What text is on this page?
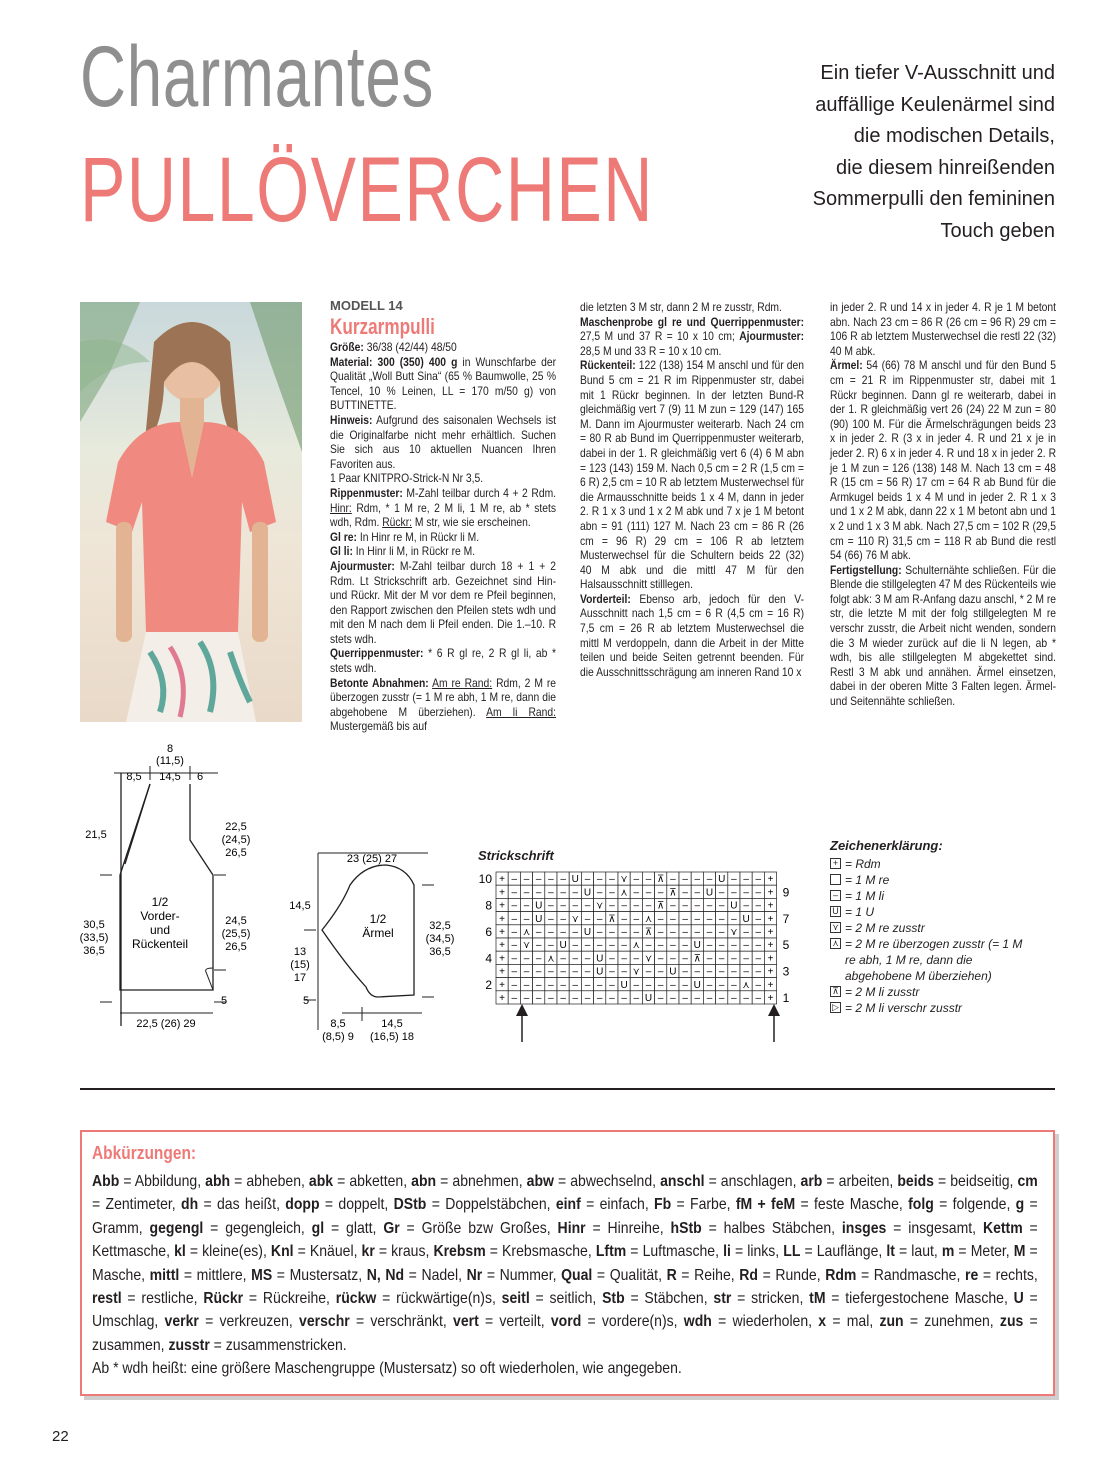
Charmantes
PULLÖVERCHEN
Ein tiefer V-Ausschnitt und
auffällige Keulenärmel sind
die modischen Details,
die diesem hinreißenden
Sommerpulli den femininen
Touch geben

MODELL 14

Kurzarmpulli

Größe: 36/38 (42/44) 48/50

Material: 300 (350) 400 g in Wunschfarbe der Qualität „Woll Butt Sina“ (65 % Baumwolle, 25 % Tencel, 10 % Leinen, LL = 170 m/50 g) von BUTTINETTE.

Hinweis: Aufgrund des saisonalen Wechsels ist die Originalfarbe nicht mehr erhältlich. Suchen Sie sich aus 10 aktuellen Nuancen Ihren Favoriten aus.

1 Paar KNITPRO-Strick-N Nr 3,5.

Rippenmuster: M-Zahl teilbar durch 4 + 2 Rdm. Hinr: Rdm, * 1 M re, 2 M li, 1 M re, ab * stets wdh, Rdm. Rückr: M str, wie sie erscheinen.

Gl re: In Hinr re M, in Rückr li M.

Gl li: In Hinr li M, in Rückr re M.

Ajourmuster: M-Zahl teilbar durch 18 + 1 + 2 Rdm. Lt Strickschrift arb. Gezeichnet sind Hin- und Rückr. Mit der M vor dem re Pfeil beginnen, den Rapport zwischen den Pfeilen stets wdh und mit den M nach dem li Pfeil enden. Die 1.–10. R stets wdh.

Querrippenmuster: * 6 R gl re, 2 R gl li, ab * stets wdh.

Betonte Abnahmen: Am re Rand: Rdm, 2 M re überzogen zusstr (= 1 M re abh, 1 M re, dann die abgehobene M überziehen). Am li Rand: Mustergemäß bis auf

die letzten 3 M str, dann 2 M re zusstr, Rdm.

Maschenprobe gl re und Querrippenmuster: 27,5 M und 37 R = 10 x 10 cm; Ajourmuster: 28,5 M und 33 R = 10 x 10 cm.

Rückenteil: 122 (138) 154 M anschl und für den Bund 5 cm = 21 R im Rippenmuster str, dabei mit 1 Rückr beginnen. In der letzten Bund-R gleichmäßig vert 7 (9) 11 M zun = 129 (147) 165 M. Dann im Ajourmuster weiterarb. Nach 24 cm = 80 R ab Bund im Querrippenmuster weiterarb, dabei in der 1. R gleichmäßig vert 6 (4) 6 M abn = 123 (143) 159 M. Nach 0,5 cm = 2 R (1,5 cm = 6 R) 2,5 cm = 10 R ab letztem Musterwechsel für die Armausschnitte beids 1 x 4 M, dann in jeder 2. R 1 x 3 und 1 x 2 M abk und 7 x je 1 M betont abn = 91 (111) 127 M. Nach 23 cm = 86 R (26 cm = 96 R) 29 cm = 106 R ab letztem Musterwechsel für die Schultern beids 22 (32) 40 M abk und die mittl 47 M für den Halsausschnitt stilllegen.

Vorderteil: Ebenso arb, jedoch für den V-Ausschnitt nach 1,5 cm = 6 R (4,5 cm = 16 R) 7,5 cm = 26 R ab letztem Musterwechsel die mittl M verdoppeln, dann die Arbeit in der Mitte teilen und beide Seiten getrennt beenden. Für die Ausschnittsschrägung am inneren Rand 10 x

in jeder 2. R und 14 x in jeder 4. R je 1 M betont abn. Nach 23 cm = 86 R (26 cm = 96 R) 29 cm = 106 R ab letztem Musterwechsel die restl 22 (32) 40 M abk.

Ärmel: 54 (66) 78 M anschl und für den Bund 5 cm = 21 R im Rippenmuster str, dabei mit 1 Rückr beginnen. Dann gl re weiterarb, dabei in der 1. R gleichmäßig vert 26 (24) 22 M zun = 80 (90) 100 M. Für die Ärmelschrägungen beids 23 x in jeder 2. R (3 x in jeder 4. R und 21 x je in jeder 2. R) 6 x in jeder 4. R und 18 x in jeder 2. R je 1 M zun = 126 (138) 148 M. Nach 13 cm = 48 R (15 cm = 56 R) 17 cm = 64 R ab Bund für die Armkugel beids 1 x 4 M und in jeder 2. R 1 x 3 und 1 x 2 M abk, dann 22 x 1 M betont abn und 1 x 2 und 1 x 3 M abk. Nach 27,5 cm = 102 R (29,5 cm = 110 R) 31,5 cm = 118 R ab Bund die restl 54 (66) 76 M abk.

Fertigstellung: Schulternähte schließen. Für die Blende die stillgelegten 47 M des Rückenteils wie folgt abk: 3 M am R-Anfang dazu anschl, * 2 M re str, die letzte M mit der folg stillgelegten M re verschr zusstr, die Arbeit nicht wenden, sondern die 3 M wieder zurück auf die li N legen, ab * wdh, bis alle stillgelegten M abgekettet sind. Restl 3 M abk und annähen. Ärmel einsetzen, dabei in der oberen Mitte 3 Falten legen. Ärmel- und Seitennähte schließen.

8
(11,5)
14,5
8,5	6
21,5
30,5
(33,5)
36,5
22,5
(24,5)
26,5
24,5
(25,5)
26,5
5
1/2
Vorder-
und
Rückenteil
22,5 (26) 29
23 (25) 27
14,5
13
(15)
17
5
32,5
(34,5)
36,5
1/2
Ärmel
8,5
(8,5) 9
14,5
(16,5) 18
Strickschrift
+ – – – – – U – – – ⋎ – – ⊼ – – – – U – – – +
+ – – – – – – U – – ⋏ – – – ⊼ – – U – – – – +
+ – – U – – – – ⋎ – – – – ⊼ – – – – – U – – +
+ – – U – – ⋎ – – ⊼ – – ⋏ – – – – – – – U – +
+ – ⋏ – – – – U – – – – ⊼ – – – – – – ⋎ – – +
+ – ⋎ – – U – – – – – ⋏ – – – – U – – – – – +
+ – – – ⋏ – – – U – – – ⋎ – – – ⊼ – – – – – +
+ – – – – – – – U – – ⋎ – – U – – – – – – – +
+ – – – – – – – – – U – – – – – U – – – ⋏ – +
+ – – – – – – – – – – – U – – – – – – – – – +
10
8
6
4
2
9
7
5
3
1
Zeichenerklärung:
+ = Rdm
= 1 M re
– = 1 M li
U = 1 U
⋎ = 2 M re zusstr
⋏ = 2 M re überzogen zusstr (= 1 M re abh, 1 M re, dann die abgehobene M überziehen)
⊼ = 2 M li zusstr
▷ = 2 M li verschr zusstr
Abkürzungen:
Abb = Abbildung, abh = abheben, abk = abketten, abn = abnehmen, abw = abwechselnd, anschl = anschlagen, arb = arbeiten, beids = beidseitig, cm = Zentimeter, dh = das heißt, dopp = doppelt, DStb = Doppelstäbchen, einf = einfach, Fb = Farbe, fM + feM = feste Masche, folg = folgende, g = Gramm, gegengl = gegengleich, gl = glatt, Gr = Größe bzw Großes, Hinr = Hinreihe, hStb = halbes Stäbchen, insges = insgesamt, Kettm = Kettmasche, kl = kleine(es), Knl = Knäuel, kr = kraus, Krebsm = Krebsmasche, Lftm = Luftmasche, li = links, LL = Lauflänge, lt = laut, m = Meter, M = Masche, mittl = mittlere, MS = Mustersatz, N, Nd = Nadel, Nr = Nummer, Qual = Qualität, R = Reihe, Rd = Runde, Rdm = Randmasche, re = rechts, restl = restliche, Rückr = Rückreihe, rückw = rückwärtige(n)s, seitl = seitlich, Stb = Stäbchen, str = stricken, tM = tiefergestochene Masche, U = Umschlag, verkr = verkreuzen, verschr = verschränkt, vert = verteilt, vord = vordere(n)s, wdh = wiederholen, x = mal, zun = zunehmen, zus = zusammen, zusstr = zusammenstricken.
Ab * wdh heißt: eine größere Maschengruppe (Mustersatz) so oft wiederholen, wie angegeben.
22
